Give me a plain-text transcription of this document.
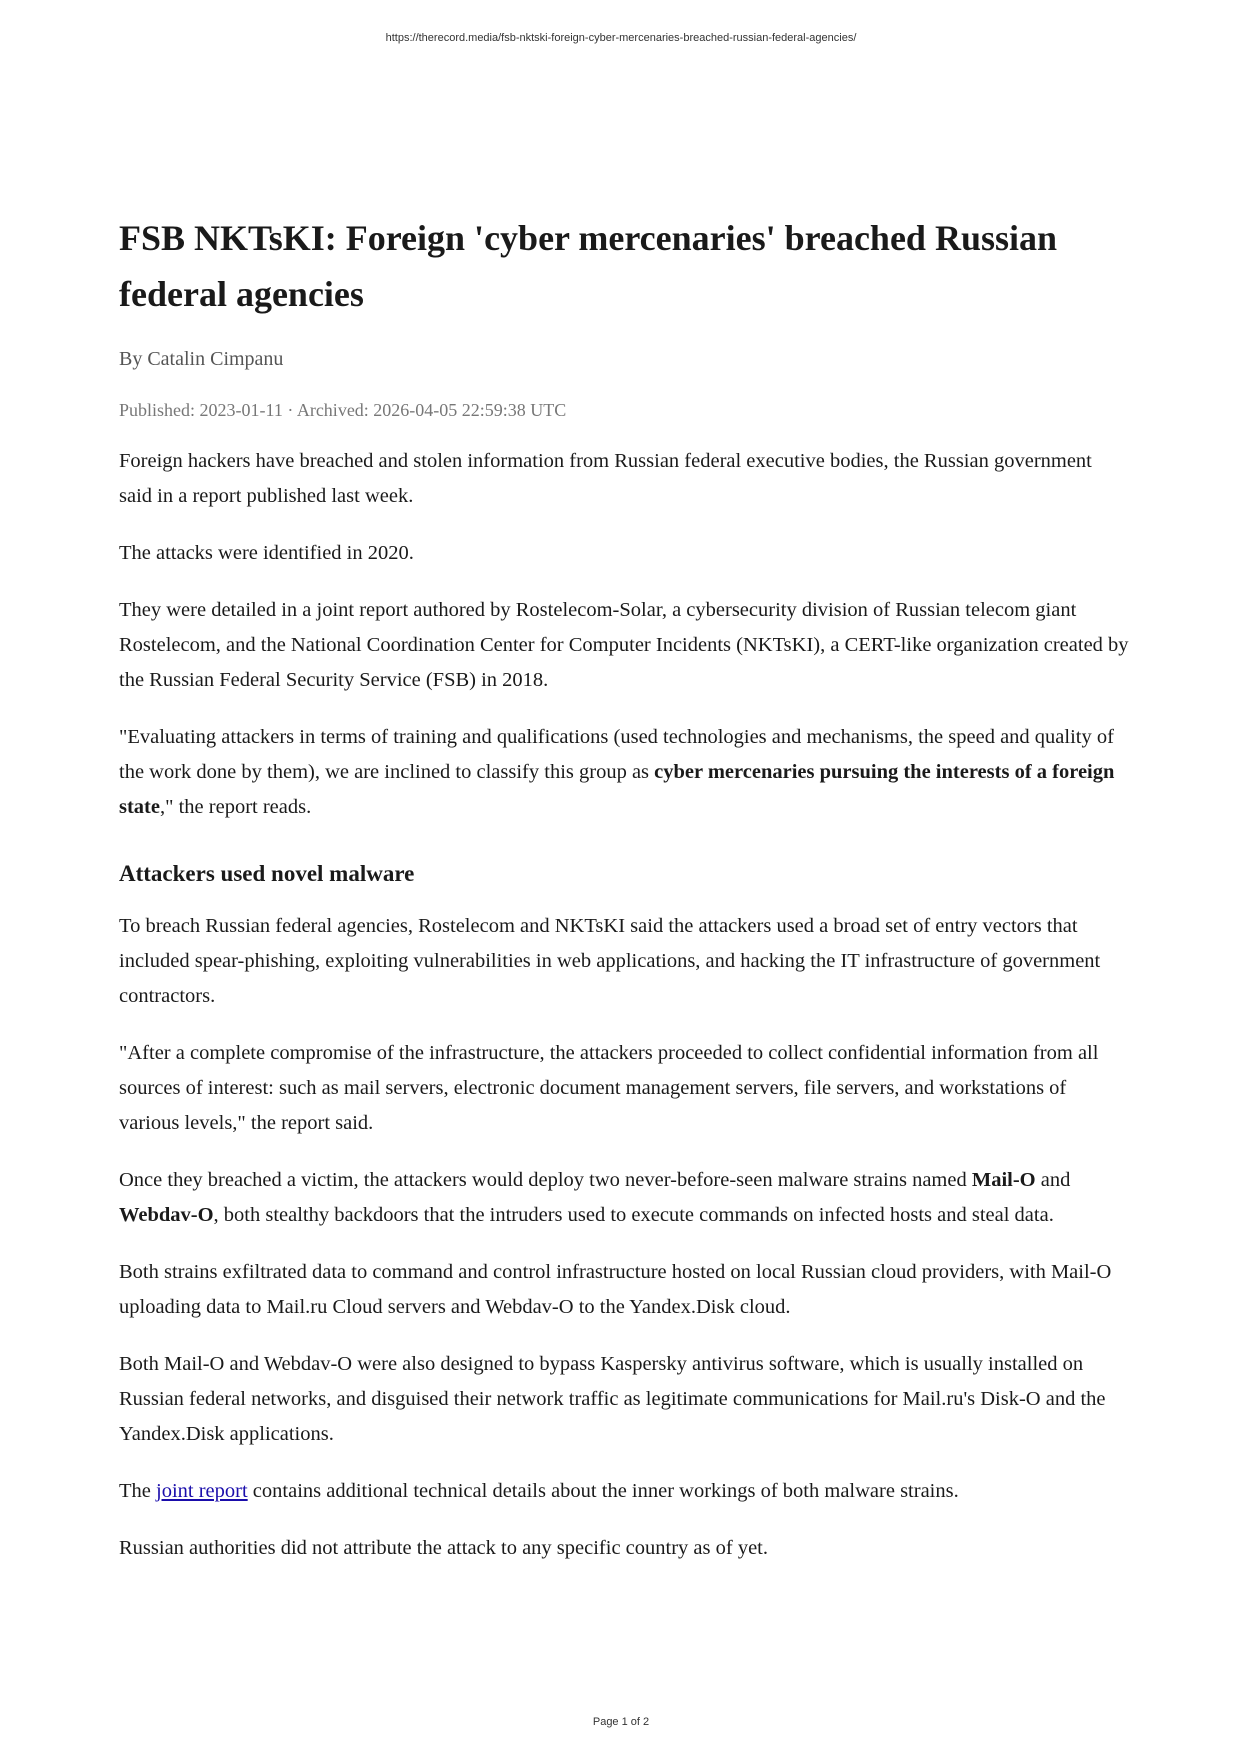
https://therecord.media/fsb-nktski-foreign-cyber-mercenaries-breached-russian-federal-agencies/
FSB NKTsKI: Foreign 'cyber mercenaries' breached Russian federal agencies
By Catalin Cimpanu
Published: 2023-01-11 · Archived: 2026-04-05 22:59:38 UTC

Foreign hackers have breached and stolen information from Russian federal executive bodies, the Russian government said in a report published last week.

The attacks were identified in 2020.

They were detailed in a joint report authored by Rostelecom-Solar, a cybersecurity division of Russian telecom giant Rostelecom, and the National Coordination Center for Computer Incidents (NKTsKI), a CERT-like organization created by the Russian Federal Security Service (FSB) in 2018.

"Evaluating attackers in terms of training and qualifications (used technologies and mechanisms, the speed and quality of the work done by them), we are inclined to classify this group as cyber mercenaries pursuing the interests of a foreign state," the report reads.

Attackers used novel malware

To breach Russian federal agencies, Rostelecom and NKTsKI said the attackers used a broad set of entry vectors that included spear-phishing, exploiting vulnerabilities in web applications, and hacking the IT infrastructure of government contractors.

"After a complete compromise of the infrastructure, the attackers proceeded to collect confidential information from all sources of interest: such as mail servers, electronic document management servers, file servers, and workstations of various levels," the report said.

Once they breached a victim, the attackers would deploy two never-before-seen malware strains named Mail-O and Webdav-O, both stealthy backdoors that the intruders used to execute commands on infected hosts and steal data.

Both strains exfiltrated data to command and control infrastructure hosted on local Russian cloud providers, with Mail-O uploading data to Mail.ru Cloud servers and Webdav-O to the Yandex.Disk cloud.

Both Mail-O and Webdav-O were also designed to bypass Kaspersky antivirus software, which is usually installed on Russian federal networks, and disguised their network traffic as legitimate communications for Mail.ru's Disk-O and the Yandex.Disk applications.

The joint report contains additional technical details about the inner workings of both malware strains.

Russian authorities did not attribute the attack to any specific country as of yet.

Page 1 of 2
